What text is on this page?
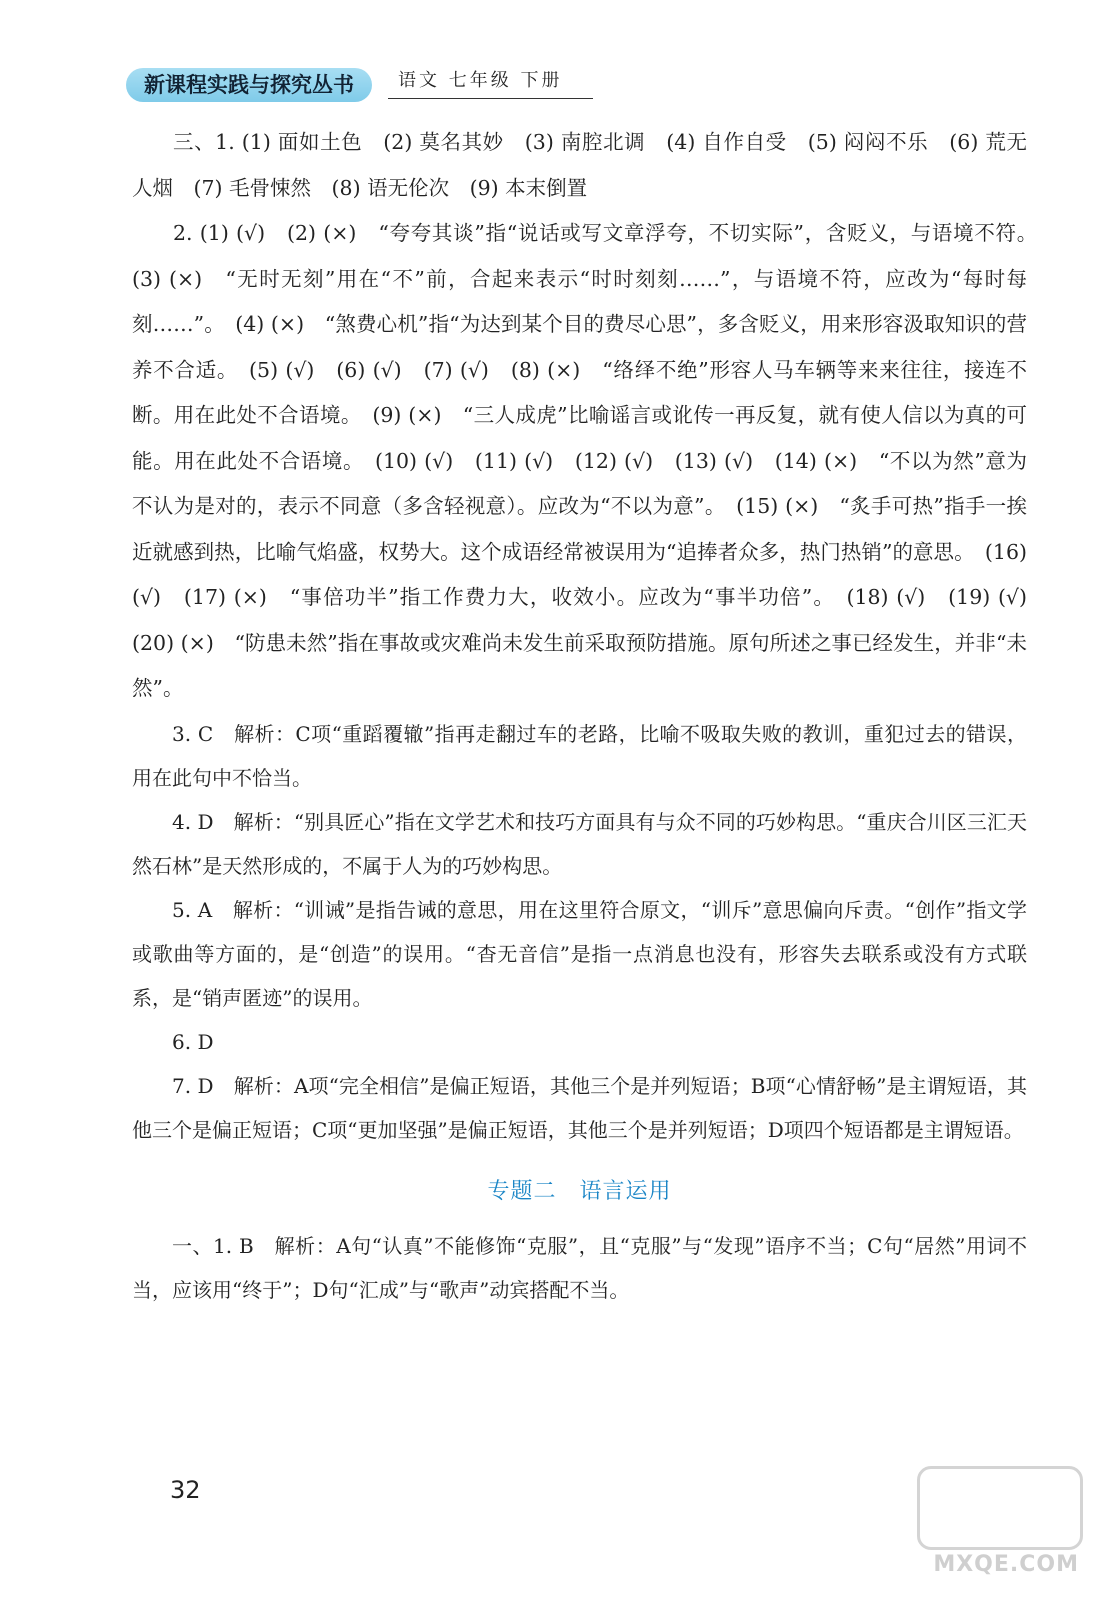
新课程实践与探究丛书	语文 七年级 下册

三、1. (1) 面如土色　(2) 莫名其妙　(3) 南腔北调　(4) 自作自受　(5) 闷闷不乐　(6) 荒无人烟　(7) 毛骨悚然　(8) 语无伦次　(9) 本末倒置

2. (1) (√)　(2) (×)　“夸夸其谈”指“说话或写文章浮夸，不切实际”，含贬义，与语境不符。　(3) (×)　“无时无刻”用在“不”前，合起来表示“时时刻刻……”，与语境不符，应改为“每时每刻……”。　(4) (×)　“煞费心机”指“为达到某个目的费尽心思”，多含贬义，用来形容汲取知识的营养不合适。　(5) (√)　(6) (√)　(7) (√)　(8) (×)　“络绎不绝”形容人马车辆等来来往往，接连不断。用在此处不合语境。　(9) (×)　“三人成虎”比喻谣言或讹传一再反复，就有使人信以为真的可能。用在此处不合语境。　(10) (√)　(11) (√)　(12) (√)　(13) (√)　(14) (×)　“不以为然”意为不认为是对的，表示不同意（多含轻视意）。应改为“不以为意”。　(15) (×)　“炙手可热”指手一挨近就感到热，比喻气焰盛，权势大。这个成语经常被误用为“追捧者众多，热门热销”的意思。　(16) (√)　(17) (×)　“事倍功半”指工作费力大，收效小。应改为“事半功倍”。　(18) (√)　(19) (√)　(20) (×)　“防患未然”指在事故或灾难尚未发生前采取预防措施。原句所述之事已经发生，并非“未然”。

3. C　解析：C项“重蹈覆辙”指再走翻过车的老路，比喻不吸取失败的教训，重犯过去的错误，用在此句中不恰当。

4. D　解析：“别具匠心”指在文学艺术和技巧方面具有与众不同的巧妙构思。“重庆合川区三汇天然石林”是天然形成的，不属于人为的巧妙构思。

5. A　解析：“训诫”是指告诫的意思，用在这里符合原文，“训斥”意思偏向斥责。“创作”指文学或歌曲等方面的，是“创造”的误用。“杳无音信”是指一点消息也没有，形容失去联系或没有方式联系，是“销声匿迹”的误用。

6. D

7. D　解析：A项“完全相信”是偏正短语，其他三个是并列短语；B项“心情舒畅”是主谓短语，其他三个是偏正短语；C项“更加坚强”是偏正短语，其他三个是并列短语；D项四个短语都是主谓短语。

专题二　语言运用

一、1. B　解析：A句“认真”不能修饰“克服”，且“克服”与“发现”语序不当；C句“居然”用词不当，应该用“终于”；D句“汇成”与“歌声”动宾搭配不当。

32
MXQE.COM
